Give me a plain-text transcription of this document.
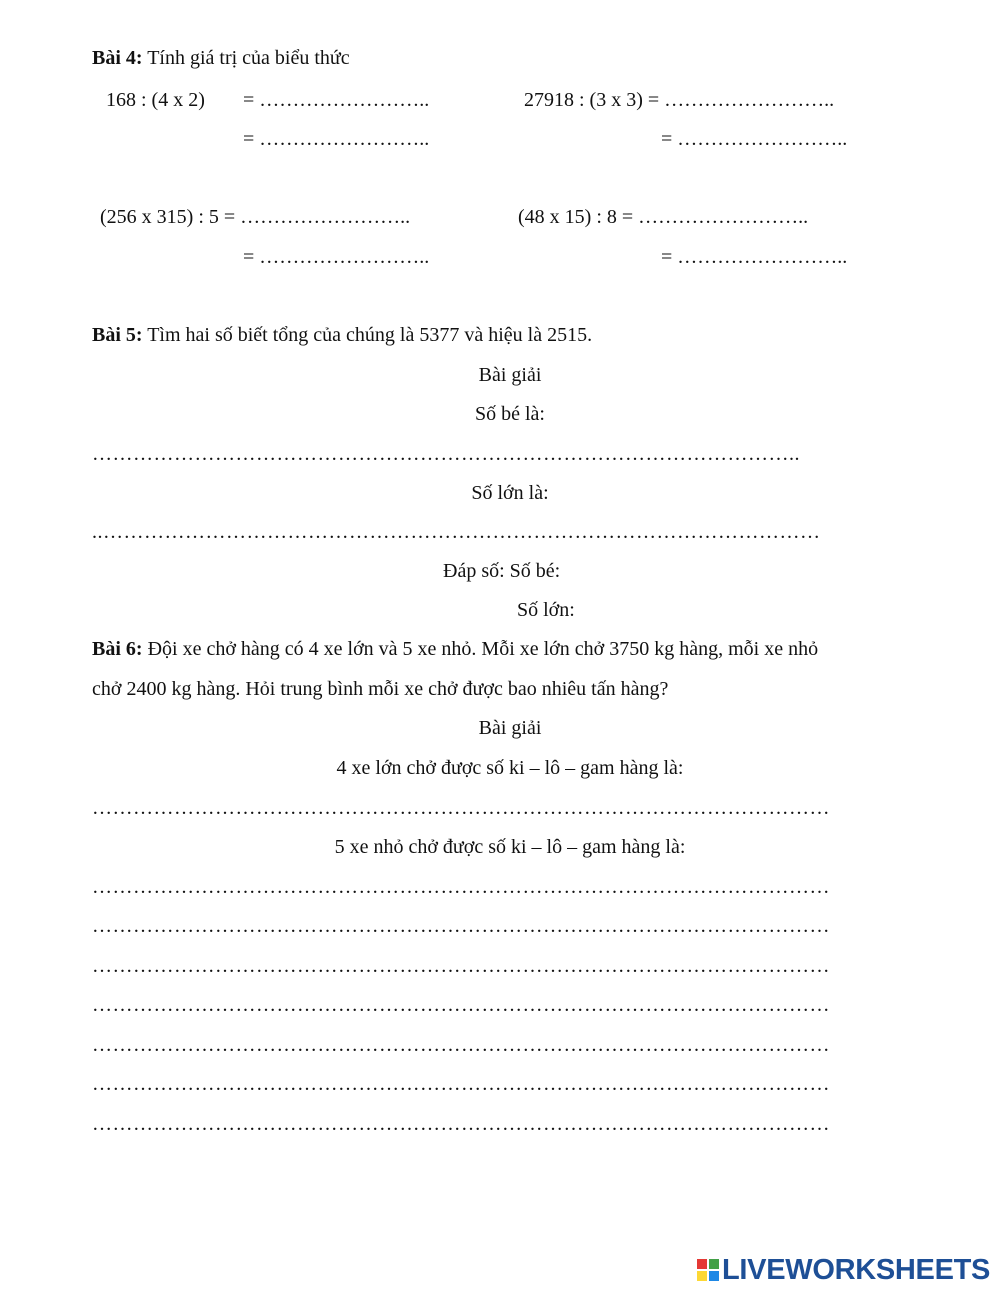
Bài 4: Tính giá trị của biểu thức
168 : (4 x 2) = ……………………..
= ……………………..
27918 : (3 x 3) = ……………………..
= ……………………..
(256 x 315) : 5 = ……………………..
= ……………………..
(48 x 15) : 8 = ……………………..
= ……………………..
Bài 5: Tìm hai số biết tổng của chúng là 5377 và hiệu là 2515.
Bài giải
Số bé là:
…………………………………………………………………………………………..
Số lớn là:
..……………………………………………………………………………………………
Đáp số: Số bé:
Số lớn:
Bài 6: Đội xe chở hàng có 4 xe lớn và 5 xe nhỏ. Mỗi xe lớn chở 3750 kg hàng, mỗi xe nhỏ
chở 2400 kg hàng. Hỏi trung bình mỗi xe chở được bao nhiêu tấn hàng?
Bài giải
4 xe lớn chở được số ki – lô – gam hàng là:
………………………………………………………………………………………………
5 xe nhỏ chở được số ki – lô – gam hàng là:
………………………………………………………………………………………………
………………………………………………………………………………………………
………………………………………………………………………………………………
………………………………………………………………………………………………
………………………………………………………………………………………………
………………………………………………………………………………………………
………………………………………………………………………………………………
LIVEWORKSHEETS
